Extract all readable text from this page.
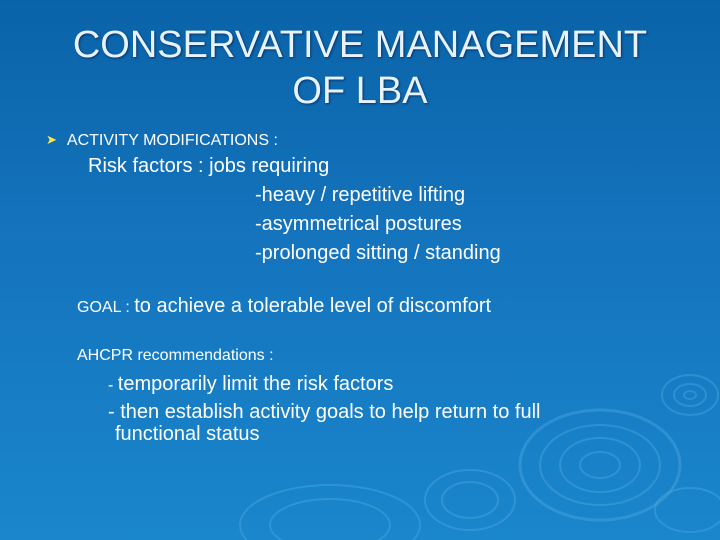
CONSERVATIVE MANAGEMENT
OF LBA
➤ ACTIVITY MODIFICATIONS :
Risk factors : jobs requiring
-heavy / repetitive lifting
-asymmetrical postures
-prolonged sitting / standing
GOAL : to achieve a tolerable level of discomfort
AHCPR recommendations :
- temporarily limit the risk factors
- then establish activity goals to help return to full
functional status
